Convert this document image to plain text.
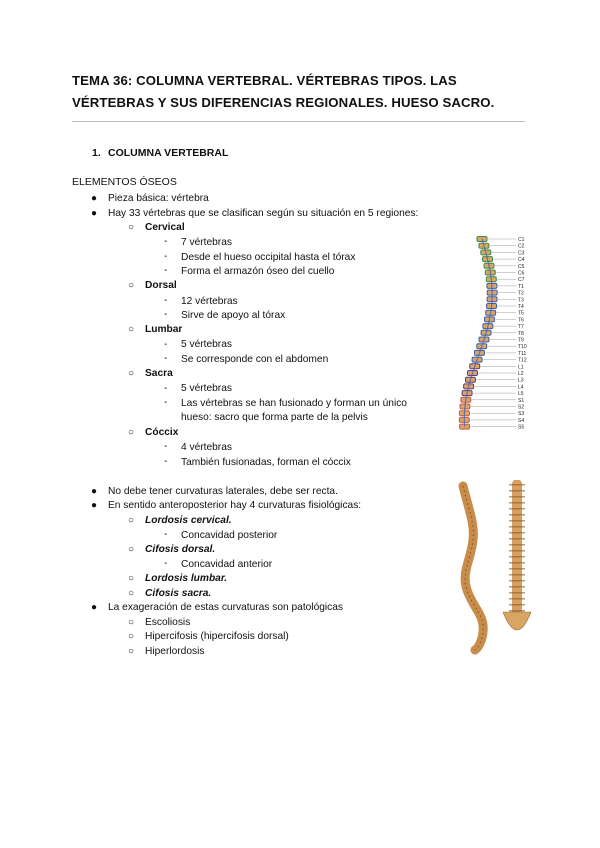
TEMA 36: COLUMNA VERTEBRAL. VÉRTEBRAS TIPOS. LAS VÉRTEBRAS Y SUS DIFERENCIAS REGIONALES. HUESO SACRO.
1. COLUMNA VERTEBRAL
ELEMENTOS ÓSEOS
● Pieza básica: vértebra
● Hay 33 vértebras que se clasifican según su situación en 5 regiones:
○ Cervical
- 7 vértebras
- Desde el hueso occipital hasta el tórax
- Forma el armazón óseo del cuello
○ Dorsal
- 12 vértebras
- Sirve de apoyo al tórax
○ Lumbar
- 5 vértebras
- Se corresponde con el abdomen
○ Sacra
- 5 vértebras
- Las vértebras se han fusionado y forman un único
hueso: sacro que forma parte de la pelvis
○ Cóccix
- 4 vértebras
- También fusionadas, forman el cóccix
● No debe tener curvaturas laterales, debe ser recta.
● En sentido anteroposterior hay 4 curvaturas fisiológicas:
○ Lordosis cervical.
- Concavidad posterior
○ Cifosis dorsal.
- Concavidad anterior
○ Lordosis lumbar.
○ Cifosis sacra.
● La exageración de estas curvaturas son patológicas
○ Escoliosis
○ Hipercifosis (hipercifosis dorsal)
○ Hiperlordosis
C1
C2
C3
C4
C5
C6
C7
T1
T2
T3
T4
T5
T6
T7
T8
T9
T10
T11
T12
L1
L2
L3
L4
L5
S1
S2
S3
S4
S5
